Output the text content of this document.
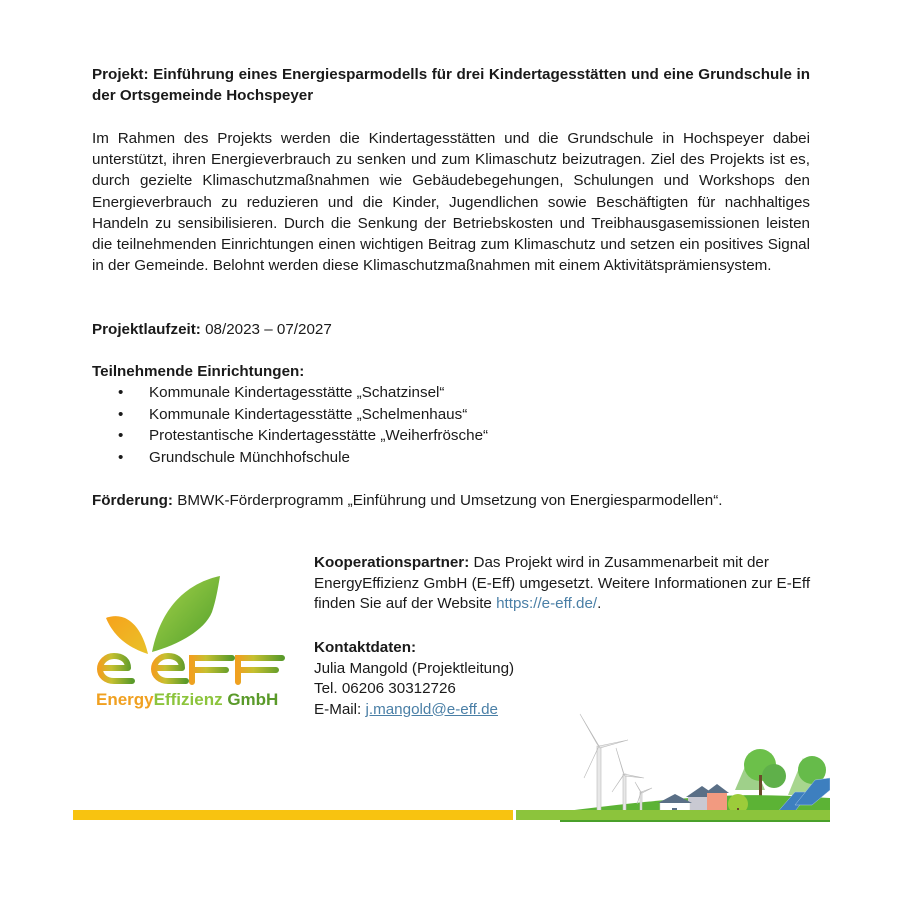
Projekt: Einführung eines Energiesparmodells für drei Kindertagesstätten und eine Grundschule in der Ortsgemeinde Hochspeyer
Im Rahmen des Projekts werden die Kindertagesstätten und die Grundschule in Hochspeyer dabei unterstützt, ihren Energieverbrauch zu senken und zum Klimaschutz beizutragen. Ziel des Projekts ist es, durch gezielte Klimaschutzmaßnahmen wie Gebäudebegehungen, Schulungen und Workshops den Energieverbrauch zu reduzieren und die Kinder, Jugendlichen sowie Beschäftigten für nachhaltiges Handeln zu sensibilisieren. Durch die Senkung der Betriebskosten und Treibhausgasemissionen leisten die teilnehmenden Einrichtungen einen wichtigen Beitrag zum Klimaschutz und setzen ein positives Signal in der Gemeinde. Belohnt werden diese Klimaschutzmaßnahmen mit einem Aktivitätsprämiensystem.
Projektlaufzeit: 08/2023 – 07/2027
Teilnehmende Einrichtungen:
• Kommunale Kindertagesstätte „Schatzinsel“
• Kommunale Kindertagesstätte „Schelmenhaus“
• Protestantische Kindertagesstätte „Weiherfrösche“
• Grundschule Münchhofschule
Förderung: BMWK-Förderprogramm „Einführung und Umsetzung von Energiesparmodellen“.
EnergyEffizienz GmbH
Kooperationspartner: Das Projekt wird in Zusammenarbeit mit der EnergyEffizienz GmbH (E-Eff) umgesetzt. Weitere Informationen zur E-Eff finden Sie auf der Website https://e-eff.de/.
Kontaktdaten:
Julia Mangold (Projektleitung)
Tel. 06206 30312726
E-Mail: j.mangold@e-eff.de
